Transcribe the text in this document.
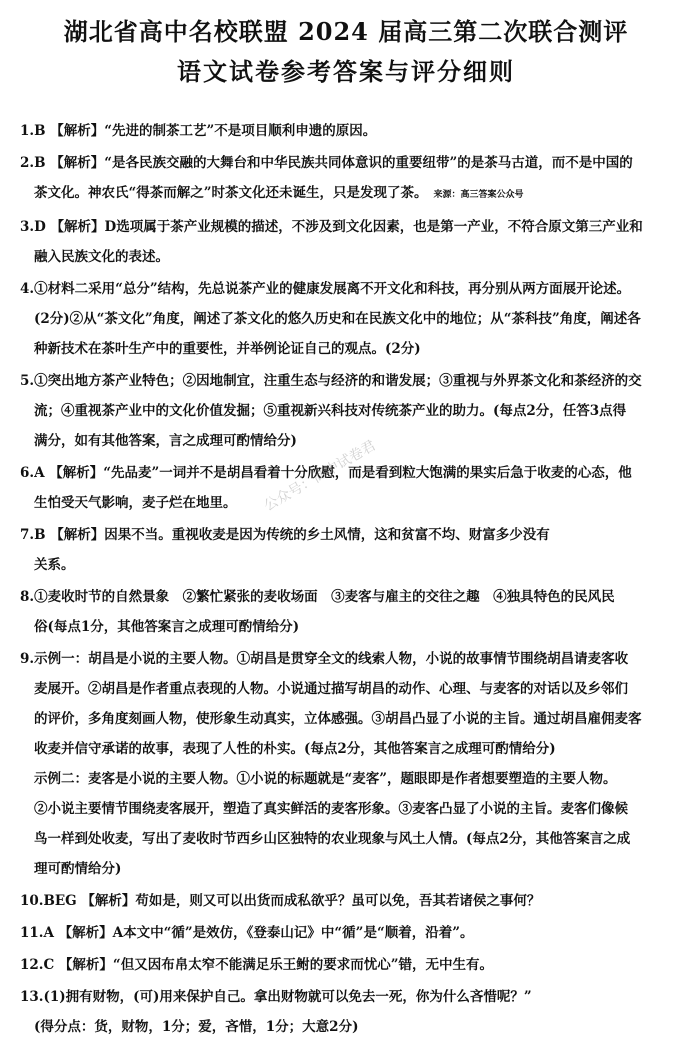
湖北省高中名校联盟 2024 届高三第二次联合测评
语文试卷参考答案与评分细则
1.B 【解析】“先进的制茶工艺”不是项目顺利申遗的原因。
2.B 【解析】“是各民族交融的大舞台和中华民族共同体意识的重要纽带”的是茶马古道，而不是中国的
茶文化。神农氏“得茶而解之”时茶文化还未诞生，只是发现了茶。 来源：高三答案公众号
3.D 【解析】D选项属于茶产业规模的描述，不涉及到文化因素，也是第一产业，不符合原文第三产业和
融入民族文化的表述。
4.①材料二采用“总分”结构，先总说茶产业的健康发展离不开文化和科技，再分别从两方面展开论述。
(2分)②从“茶文化”角度，阐述了茶文化的悠久历史和在民族文化中的地位；从“茶科技”角度，阐述各
种新技术在茶叶生产中的重要性，并举例论证自己的观点。(2分)
5.①突出地方茶产业特色；②因地制宜，注重生态与经济的和谐发展；③重视与外界茶文化和茶经济的交
流；④重视茶产业中的文化价值发掘；⑤重视新兴科技对传统茶产业的助力。(每点2分，任答3点得
满分，如有其他答案，言之成理可酌情给分)
6.A 【解析】“先品麦”一词并不是胡昌看着十分欣慰，而是看到粒大饱满的果实后急于收麦的心态，他
生怕受天气影响，麦子烂在地里。
7.B 【解析】因果不当。重视收麦是因为传统的乡土风情，这和贫富不均、财富多少没有
关系。
8.①麦收时节的自然景象　②繁忙紧张的麦收场面　③麦客与雇主的交往之趣　④独具特色的民风民
俗(每点1分，其他答案言之成理可酌情给分)
9.示例一：胡昌是小说的主要人物。①胡昌是贯穿全文的线索人物，小说的故事情节围绕胡昌请麦客收
麦展开。②胡昌是作者重点表现的人物。小说通过描写胡昌的动作、心理、与麦客的对话以及乡邻们
的评价，多角度刻画人物，使形象生动真实，立体感强。③胡昌凸显了小说的主旨。通过胡昌雇佣麦客
收麦并信守承诺的故事，表现了人性的朴实。(每点2分，其他答案言之成理可酌情给分)
示例二：麦客是小说的主要人物。①小说的标题就是“麦客”，题眼即是作者想要塑造的主要人物。
②小说主要情节围绕麦客展开，塑造了真实鲜活的麦客形象。③麦客凸显了小说的主旨。麦客们像候
鸟一样到处收麦，写出了麦收时节西乡山区独特的农业现象与风土人情。(每点2分，其他答案言之成
理可酌情给分)
10.BEG 【解析】苟如是，则又可以出货而成私欲乎？虽可以免，吾其若诸侯之事何？
11.A 【解析】A本文中“循”是效仿，《登泰山记》中“循”是“顺着，沿着”。
12.C 【解析】“但又因布帛太窄不能满足乐王鲋的要求而忧心”错，无中生有。
13.(1)拥有财物，(可)用来保护自己。拿出财物就可以免去一死，你为什么吝惜呢？”
(得分点：货，财物，1分；爱，吝惜，1分；大意2分)
公众号：高中试卷君
